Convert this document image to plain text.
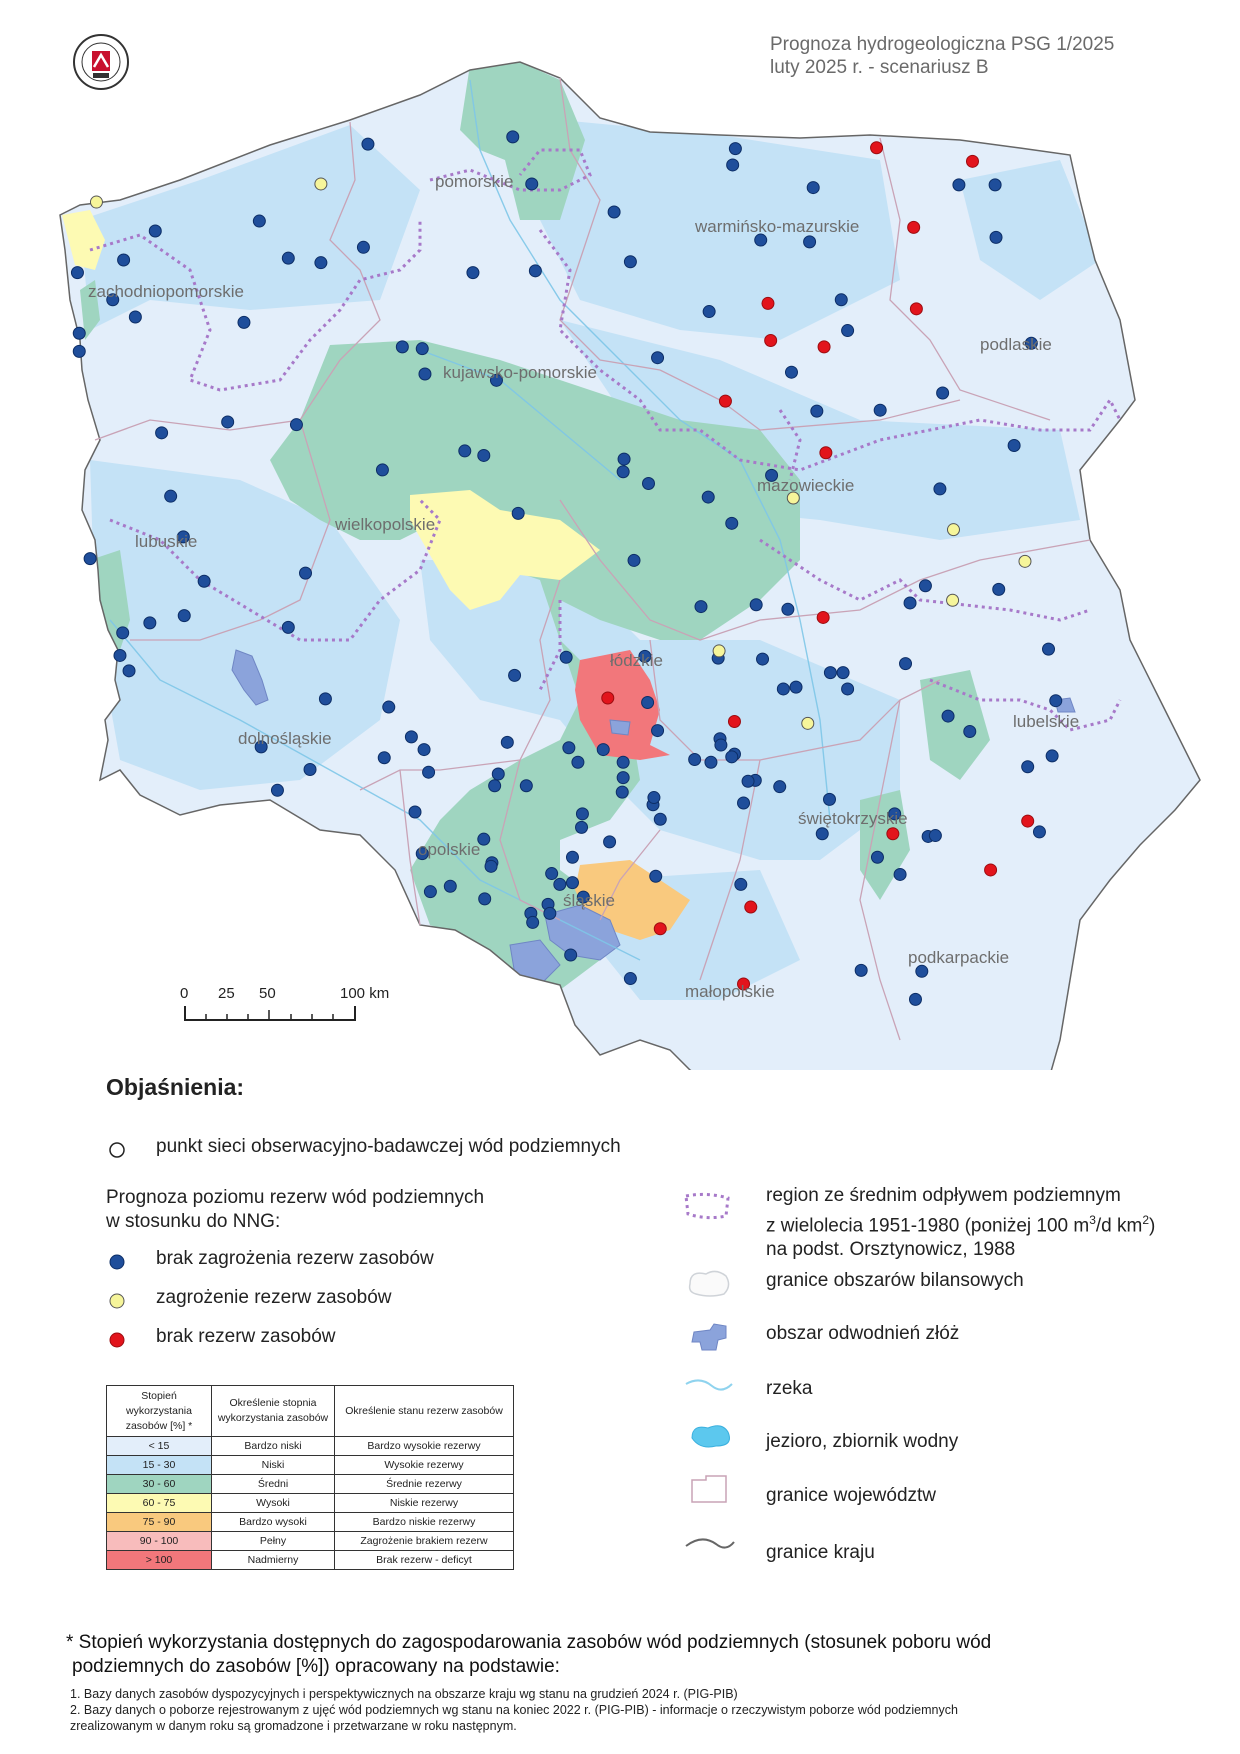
Prognoza hydrogeologiczna PSG 1/2025
luty 2025 r. - scenariusz B
pomorskie
warmińsko-mazurskie
zachodniopomorskie
podlaskie
kujawsko-pomorskie
wielkopolskie
mazowieckie
lubuskie
łódzkie
lubelskie
dolnośląskie
świętokrzyskie
opolskie
śląskie
podkarpackie
małopolskie
0 25 50	100 km
Objaśnienia:
punkt sieci obserwacyjno-badawczej wód podziemnych
Prognoza poziomu rezerw wód podziemnych
w stosunku do NNG:
brak zagrożenia rezerw zasobów
zagrożenie rezerw zasobów
brak rezerw zasobów
region ze średnim odpływem podziemnym
z wielolecia 1951-1980 (poniżej 100 $m^3/d$ $km^2$)
na podst. Orsztynowicz, 1988
granice obszarów bilansowych
obszar odwodnień złóż
rzeka
jezioro, zbiornik wodny
granice województw
granice kraju
Stopień wykorzystania zasobów [%] *	Określenie stopnia wykorzystania zasobów	Określenie stanu rezerw zasobów
< 15	Bardzo niski	Bardzo wysokie rezerwy
15 - 30	Niski	Wysokie rezerwy
30 - 60	Średni	Średnie rezerwy
60 - 75	Wysoki	Niskie rezerwy
75 - 90	Bardzo wysoki	Bardzo niskie rezerwy
90 - 100	Pełny	Zagrożenie brakiem rezerw
> 100	Nadmierny	Brak rezerw - deficyt
* Stopień wykorzystania dostępnych do zagospodarowania zasobów wód podziemnych (stosunek poboru wód
podziemnych do zasobów [%]) opracowany na podstawie:
1. Bazy danych zasobów dyspozycyjnych i perspektywicznych na obszarze kraju wg stanu na grudzień 2024 r. (PIG-PIB)
2. Bazy danych o poborze rejestrowanym z ujęć wód podziemnych wg stanu na koniec 2022 r. (PIG-PIB) - informacje o rzeczywistym poborze wód podziemnych
zrealizowanym w danym roku są gromadzone i przetwarzane w roku następnym.
